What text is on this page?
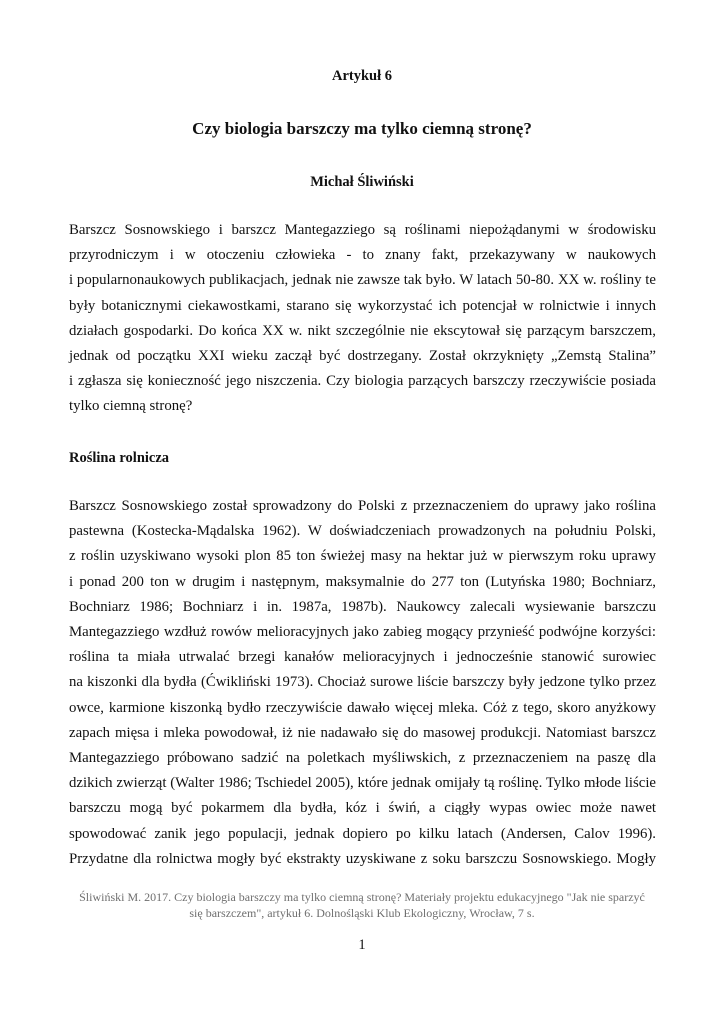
Artykuł 6
Czy biologia barszczy ma tylko ciemną stronę?
Michał Śliwiński
Barszcz Sosnowskiego i barszcz Mantegazziego są roślinami niepożądanymi w środowisku
przyrodniczym i w otoczeniu człowieka - to znany fakt, przekazywany w naukowych
i popularnonaukowych publikacjach, jednak nie zawsze tak było. W latach 50-80. XX w. rośliny te
były botanicznymi ciekawostkami, starano się wykorzystać ich potencjał w rolnictwie i innych
działach gospodarki. Do końca XX w. nikt szczególnie nie ekscytował się parzącym barszczem,
jednak od początku XXI wieku zaczął być dostrzegany. Został okrzyknięty „Zemstą Stalina”
i zgłasza się konieczność jego niszczenia. Czy biologia parzących barszczy rzeczywiście posiada
tylko ciemną stronę?
Roślina rolnicza
Barszcz Sosnowskiego został sprowadzony do Polski z przeznaczeniem do uprawy jako roślina
pastewna (Kostecka-Mądalska 1962). W doświadczeniach prowadzonych na południu Polski,
z roślin uzyskiwano wysoki plon 85 ton świeżej masy na hektar już w pierwszym roku uprawy
i ponad 200 ton w drugim i następnym, maksymalnie do 277 ton (Lutyńska 1980; Bochniarz,
Bochniarz 1986; Bochniarz i in. 1987a, 1987b). Naukowcy zalecali wysiewanie barszczu
Mantegazziego wzdłuż rowów melioracyjnych jako zabieg mogący przynieść podwójne korzyści:
roślina ta miała utrwalać brzegi kanałów melioracyjnych i jednocześnie stanowić surowiec
na kiszonki dla bydła (Ćwikliński 1973). Chociaż surowe liście barszczy były jedzone tylko przez
owce, karmione kiszonką bydło rzeczywiście dawało więcej mleka. Cóż z tego, skoro anyżkowy
zapach mięsa i mleka powodował, iż nie nadawało się do masowej produkcji. Natomiast barszcz
Mantegazziego próbowano sadzić na poletkach myśliwskich, z przeznaczeniem na paszę dla
dzikich zwierząt (Walter 1986; Tschiedel 2005), które jednak omijały tą roślinę. Tylko młode liście
barszczu mogą być pokarmem dla bydła, kóz i świń, a ciągły wypas owiec może nawet
spowodować zanik jego populacji, jednak dopiero po kilku latach (Andersen, Calov 1996).
Przydatne dla rolnictwa mogły być ekstrakty uzyskiwane z soku barszczu Sosnowskiego. Mogły
Śliwiński M. 2017. Czy biologia barszczy ma tylko ciemną stronę? Materiały projektu edukacyjnego "Jak nie sparzyć
się barszczem", artykuł 6. Dolnośląski Klub Ekologiczny, Wrocław, 7 s.
1
